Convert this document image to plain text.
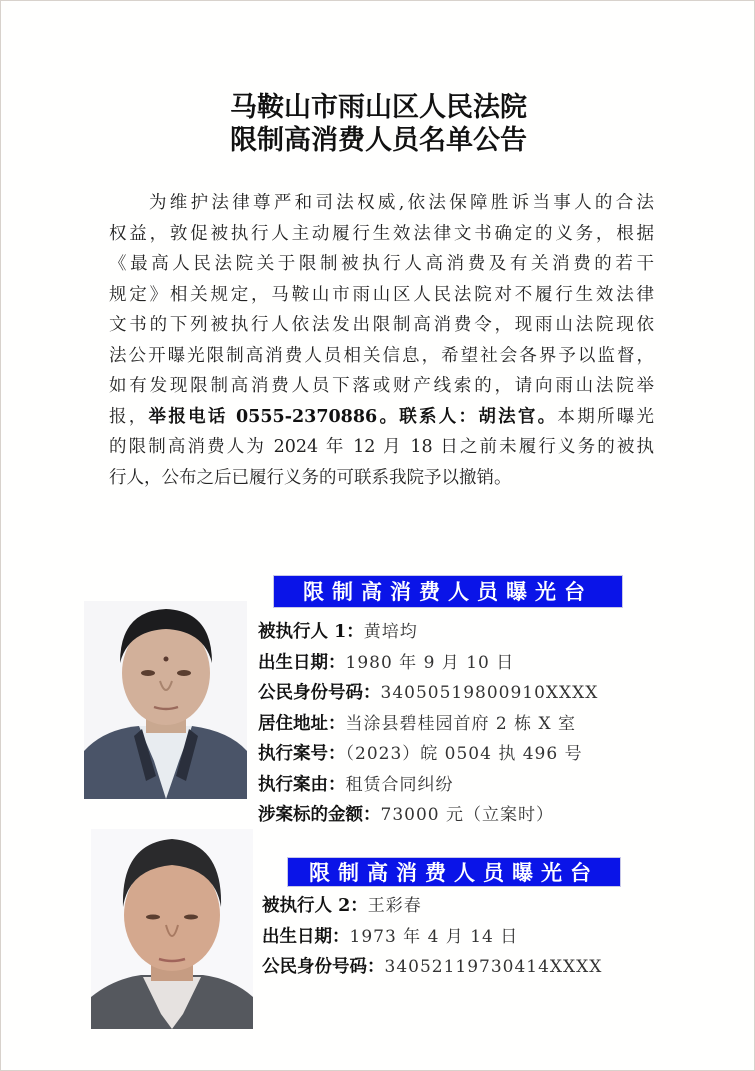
马鞍山市雨山区人民法院
限制高消费人员名单公告
为维护法律尊严和司法权威,依法保障胜诉当事人的合法
权益，敦促被执行人主动履行生效法律文书确定的义务，根据
《最高人民法院关于限制被执行人高消费及有关消费的若干
规定》相关规定，马鞍山市雨山区人民法院对不履行生效法律
文书的下列被执行人依法发出限制高消费令，现雨山法院现依
法公开曝光限制高消费人员相关信息，希望社会各界予以监督，
如有发现限制高消费人员下落或财产线索的，请向雨山法院举
报，举报电话 0555-2370886。联系人：胡法官。本期所曝光
的限制高消费人为 2024 年 12 月 18 日之前未履行义务的被执
行人，公布之后已履行义务的可联系我院予以撤销。
限制高消费人员曝光台
被执行人 1：黄培均
出生日期：1980 年 9 月 10 日
公民身份号码：34050519800910XXXX
居住地址：当涂县碧桂园首府 2 栋 X 室
执行案号：（2023）皖 0504 执 496 号
执行案由：租赁合同纠纷
涉案标的金额：73000 元（立案时）
限制高消费人员曝光台
被执行人 2：王彩春
出生日期：1973 年 4 月 14 日
公民身份号码：34052119730414XXXX
